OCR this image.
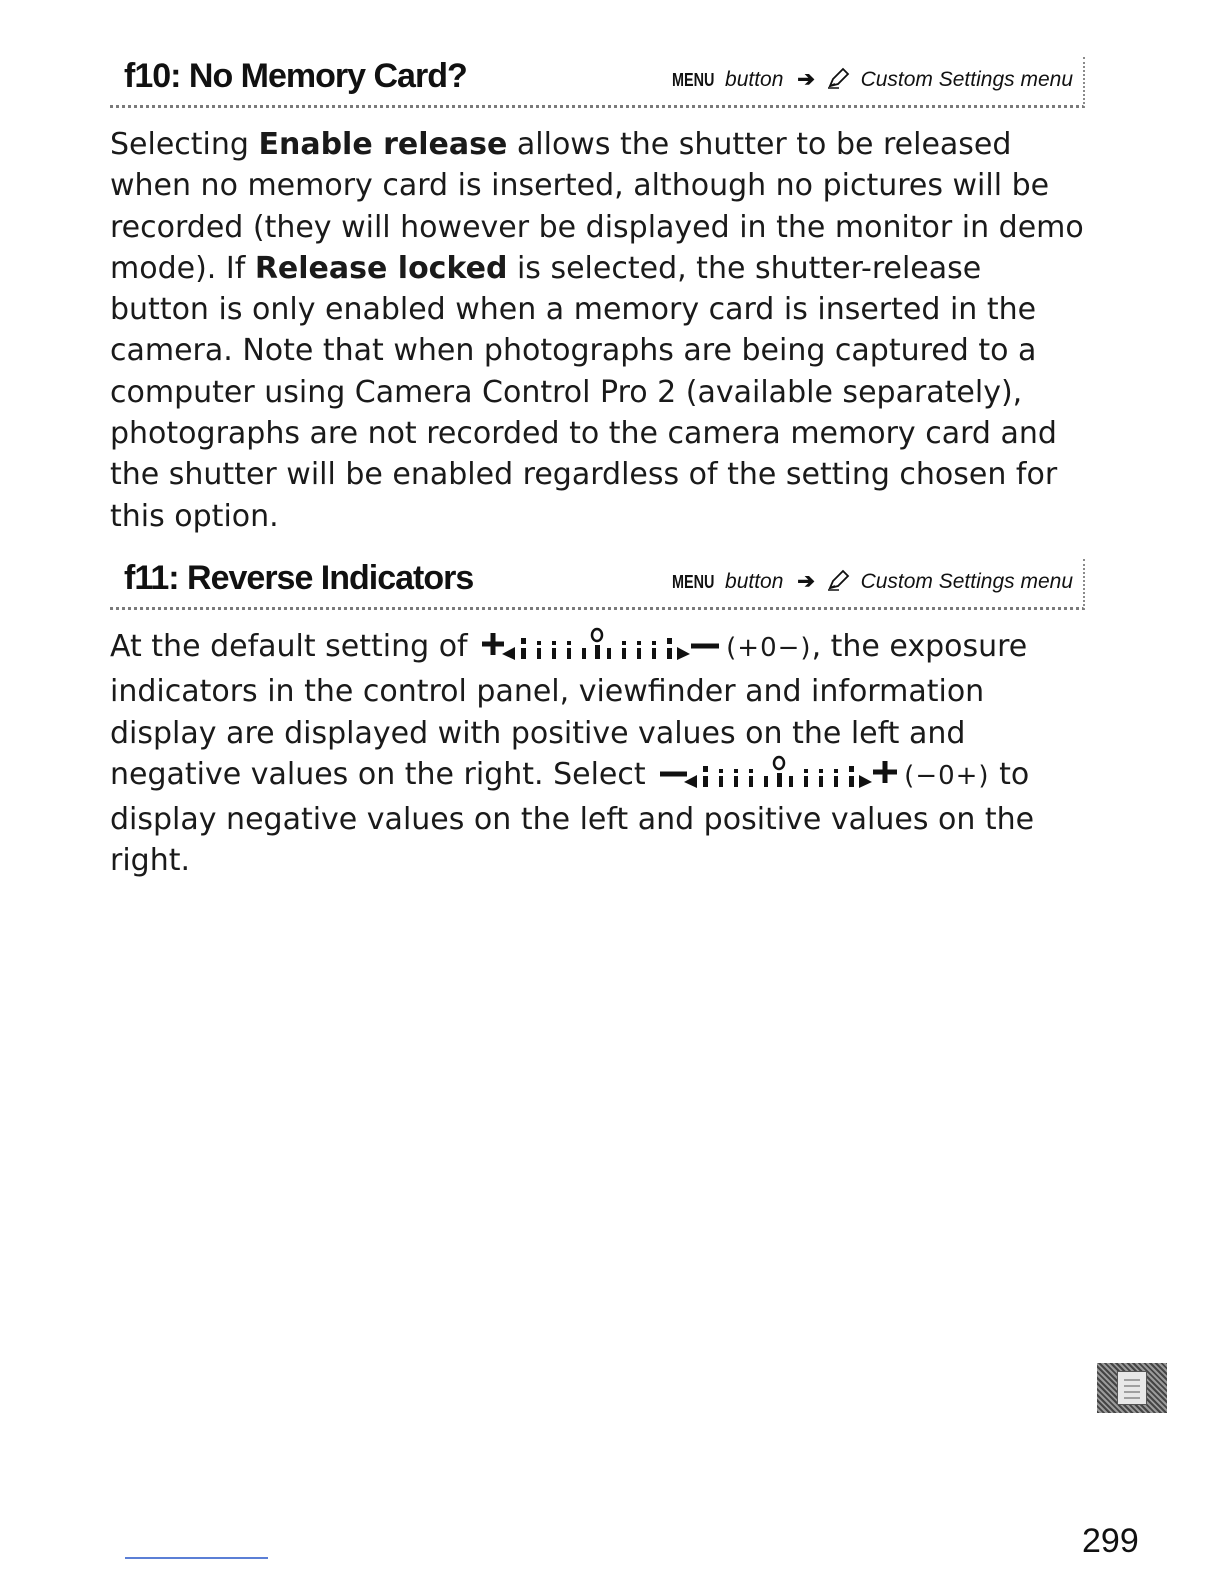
f10: No Memory Card?	MENU button ➔ Custom Settings menu
Selecting Enable release allows the shutter to be released when no memory card is inserted, although no pictures will be recorded (they will however be displayed in the monitor in demo mode). If Release locked is selected, the shutter-release button is only enabled when a memory card is inserted in the camera. Note that when photographs are being captured to a computer using Camera Control Pro 2 (available separately), photographs are not recorded to the camera memory card and the shutter will be enabled regardless of the setting chosen for this option.
f11: Reverse Indicators	MENU button ➔ Custom Settings menu
At the default setting of	(+0−), the exposure indicators in the control panel, viewfinder and information display are displayed with positive values on the left and negative values on the right. Select	(−0+) to display negative values on the left and positive values on the right.
299
